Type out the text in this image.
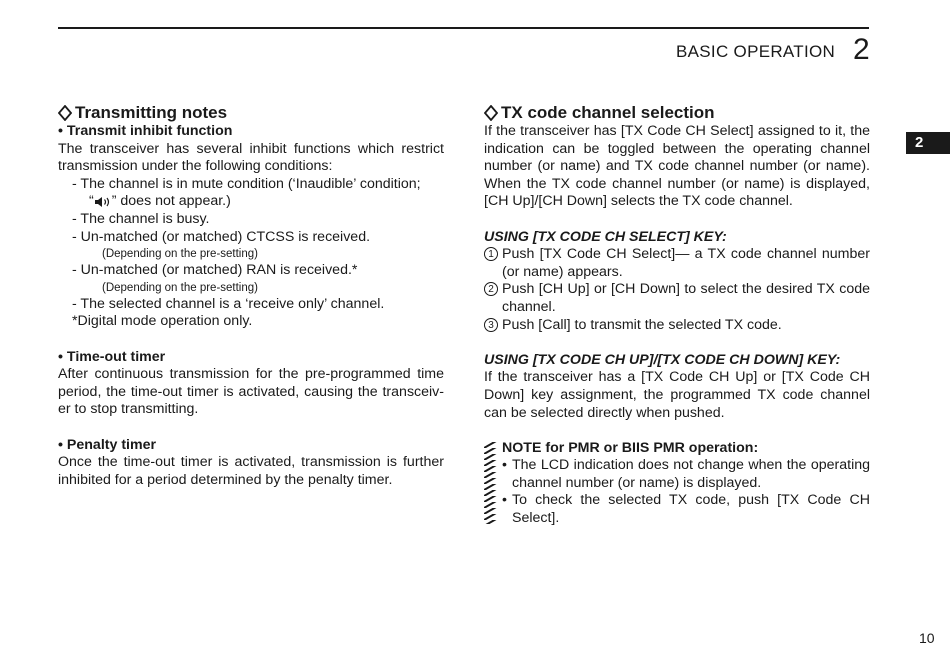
BASIC OPERATION 2
2
Transmitting notes
• Transmit inhibit function

The transceiver has several inhibit functions which restrict transmission under the following conditions:

- The channel is in mute condition (‘Inaudible’ condition;
“ ” does not appear.)
- The channel is busy.
- Un-matched (or matched) CTCSS is received.
(Depending on the pre-setting)
- Un-matched (or matched) RAN is received.*
(Depending on the pre-setting)
- The selected channel is a ‘receive only’ channel.
*Digital mode operation only.
• Time-out timer

After continuous transmission for the pre-programmed time period, the time-out timer is activated, causing the transceiv- er to stop transmitting.

• Penalty timer

Once the time-out timer is activated, transmission is further inhibited for a period determined by the penalty timer.

TX code channel selection

If the transceiver has [TX Code CH Select] assigned to it, the indication can be toggled between the operating channel number (or name) and TX code channel number (or name). When the TX code channel number (or name) is displayed, [CH Up]/[CH Down] selects the TX code channel.

USING [TX CODE CH SELECT] KEY:
1 Push [TX Code CH Select]— a TX code channel number (or name) appears.
2 Push [CH Up] or [CH Down] to select the desired TX code channel.
3 Push [Call] to transmit the selected TX code.
USING [TX CODE CH UP]/[TX CODE CH DOWN] KEY:

If the transceiver has a [TX Code CH Up] or [TX Code CH Down] key assignment, the programmed TX code channel can be selected directly when pushed.

NOTE for PMR or BIIS PMR operation:
• The LCD indication does not change when the operating channel number (or name) is displayed.
• To check the selected TX code, push [TX Code CH Select].
10
